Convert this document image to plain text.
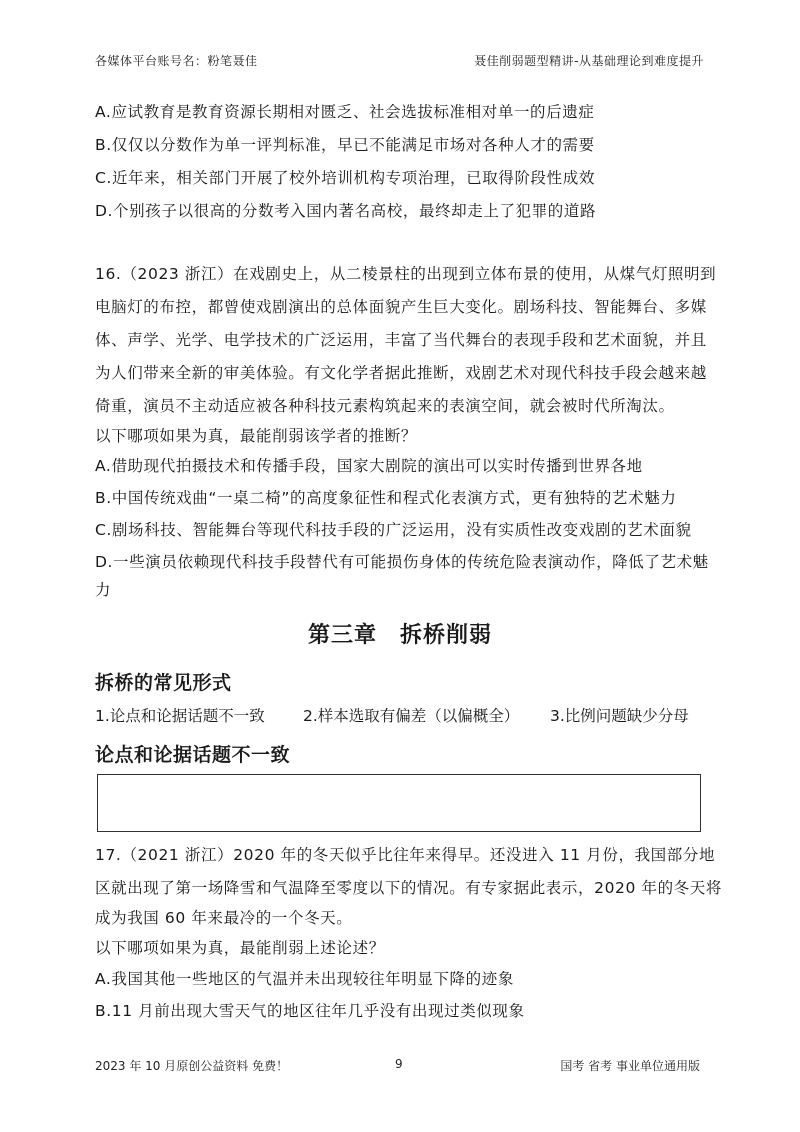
各媒体平台账号名：粉笔聂佳	聂佳削弱题型精讲-从基础理论到难度提升
A.应试教育是教育资源长期相对匮乏、社会选拔标准相对单一的后遗症
B.仅仅以分数作为单一评判标准，早已不能满足市场对各种人才的需要
C.近年来，相关部门开展了校外培训机构专项治理，已取得阶段性成效
D.个别孩子以很高的分数考入国内著名高校，最终却走上了犯罪的道路
16.（2023 浙江）在戏剧史上，从二棱景柱的出现到立体布景的使用，从煤气灯照明到
电脑灯的布控，都曾使戏剧演出的总体面貌产生巨大变化。剧场科技、智能舞台、多媒
体、声学、光学、电学技术的广泛运用，丰富了当代舞台的表现手段和艺术面貌，并且
为人们带来全新的审美体验。有文化学者据此推断，戏剧艺术对现代科技手段会越来越
倚重，演员不主动适应被各种科技元素构筑起来的表演空间，就会被时代所淘汰。
以下哪项如果为真，最能削弱该学者的推断？
A.借助现代拍摄技术和传播手段，国家大剧院的演出可以实时传播到世界各地
B.中国传统戏曲“一桌二椅”的高度象征性和程式化表演方式，更有独特的艺术魅力
C.剧场科技、智能舞台等现代科技手段的广泛运用，没有实质性改变戏剧的艺术面貌
D.一些演员依赖现代科技手段替代有可能损伤身体的传统危险表演动作，降低了艺术魅
力
第三章　拆桥削弱
拆桥的常见形式
1.论点和论据话题不一致 2.样本选取有偏差（以偏概全） 3.比例问题缺少分母
论点和论据话题不一致
17.（2021 浙江）2020 年的冬天似乎比往年来得早。还没进入 11 月份，我国部分地
区就出现了第一场降雪和气温降至零度以下的情况。有专家据此表示，2020 年的冬天将
成为我国 60 年来最冷的一个冬天。
以下哪项如果为真，最能削弱上述论述？
A.我国其他一些地区的气温并未出现较往年明显下降的迹象
B.11 月前出现大雪天气的地区往年几乎没有出现过类似现象
2023 年 10 月原创公益资料 免费！	9	国考 省考 事业单位通用版
